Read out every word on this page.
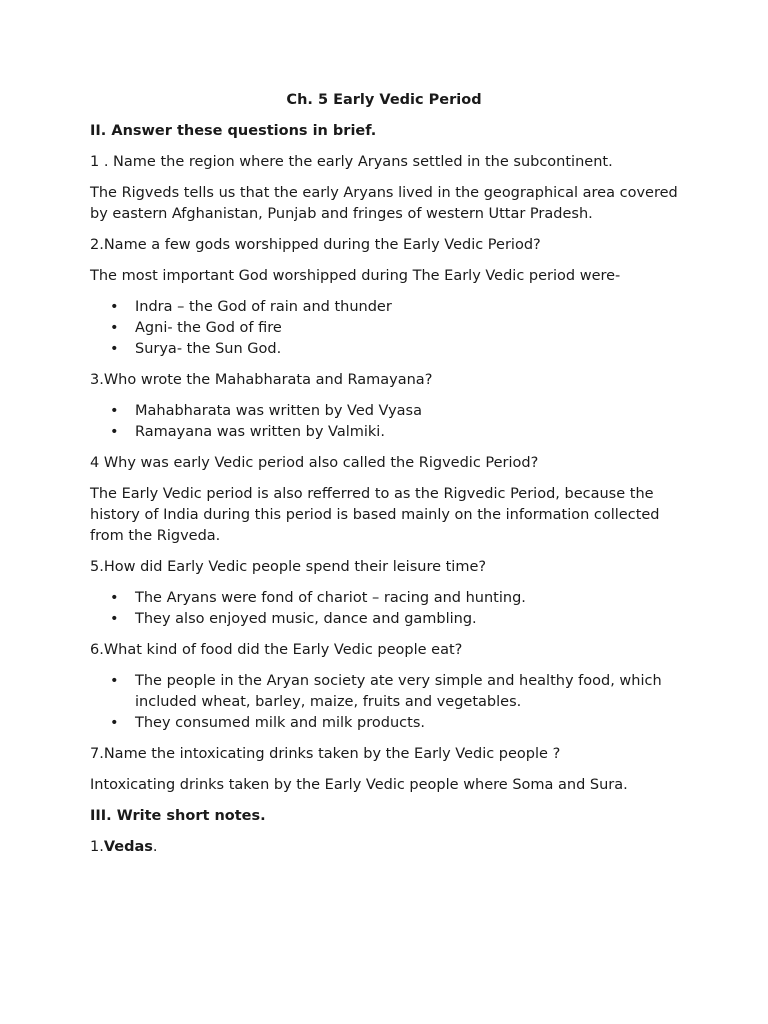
Ch. 5 Early Vedic Period

II. Answer these questions in brief.

1 . Name the region where the early Aryans settled in the subcontinent.

The Rigveds tells us that the early Aryans lived in the geographical area covered by eastern Afghanistan, Punjab and fringes of western Uttar Pradesh.

2.Name a few gods worshipped during the Early Vedic Period?

The most important God worshipped during The Early Vedic period were-

• Indra – the God of rain and thunder
• Agni- the God of fire
• Surya- the Sun God.

3.Who wrote the Mahabharata and Ramayana?

• Mahabharata was written by Ved Vyasa
• Ramayana was written by Valmiki.

4 Why was early Vedic period also called the Rigvedic Period?

The Early Vedic period is also refferred to as the Rigvedic Period, because the history of India during this period is based mainly on the information collected from the Rigveda.

5.How did Early Vedic people spend their leisure time?

• The Aryans were fond of chariot – racing and hunting.
• They also enjoyed music, dance and gambling.

6.What kind of food did the Early Vedic people eat?

• The people in the Aryan society ate very simple and healthy food, which included wheat, barley, maize, fruits and vegetables.
• They consumed milk and milk products.

7.Name the intoxicating drinks taken by the Early Vedic people ?

Intoxicating drinks taken by the Early Vedic people where Soma and Sura.

III. Write short notes.

1.Vedas.
